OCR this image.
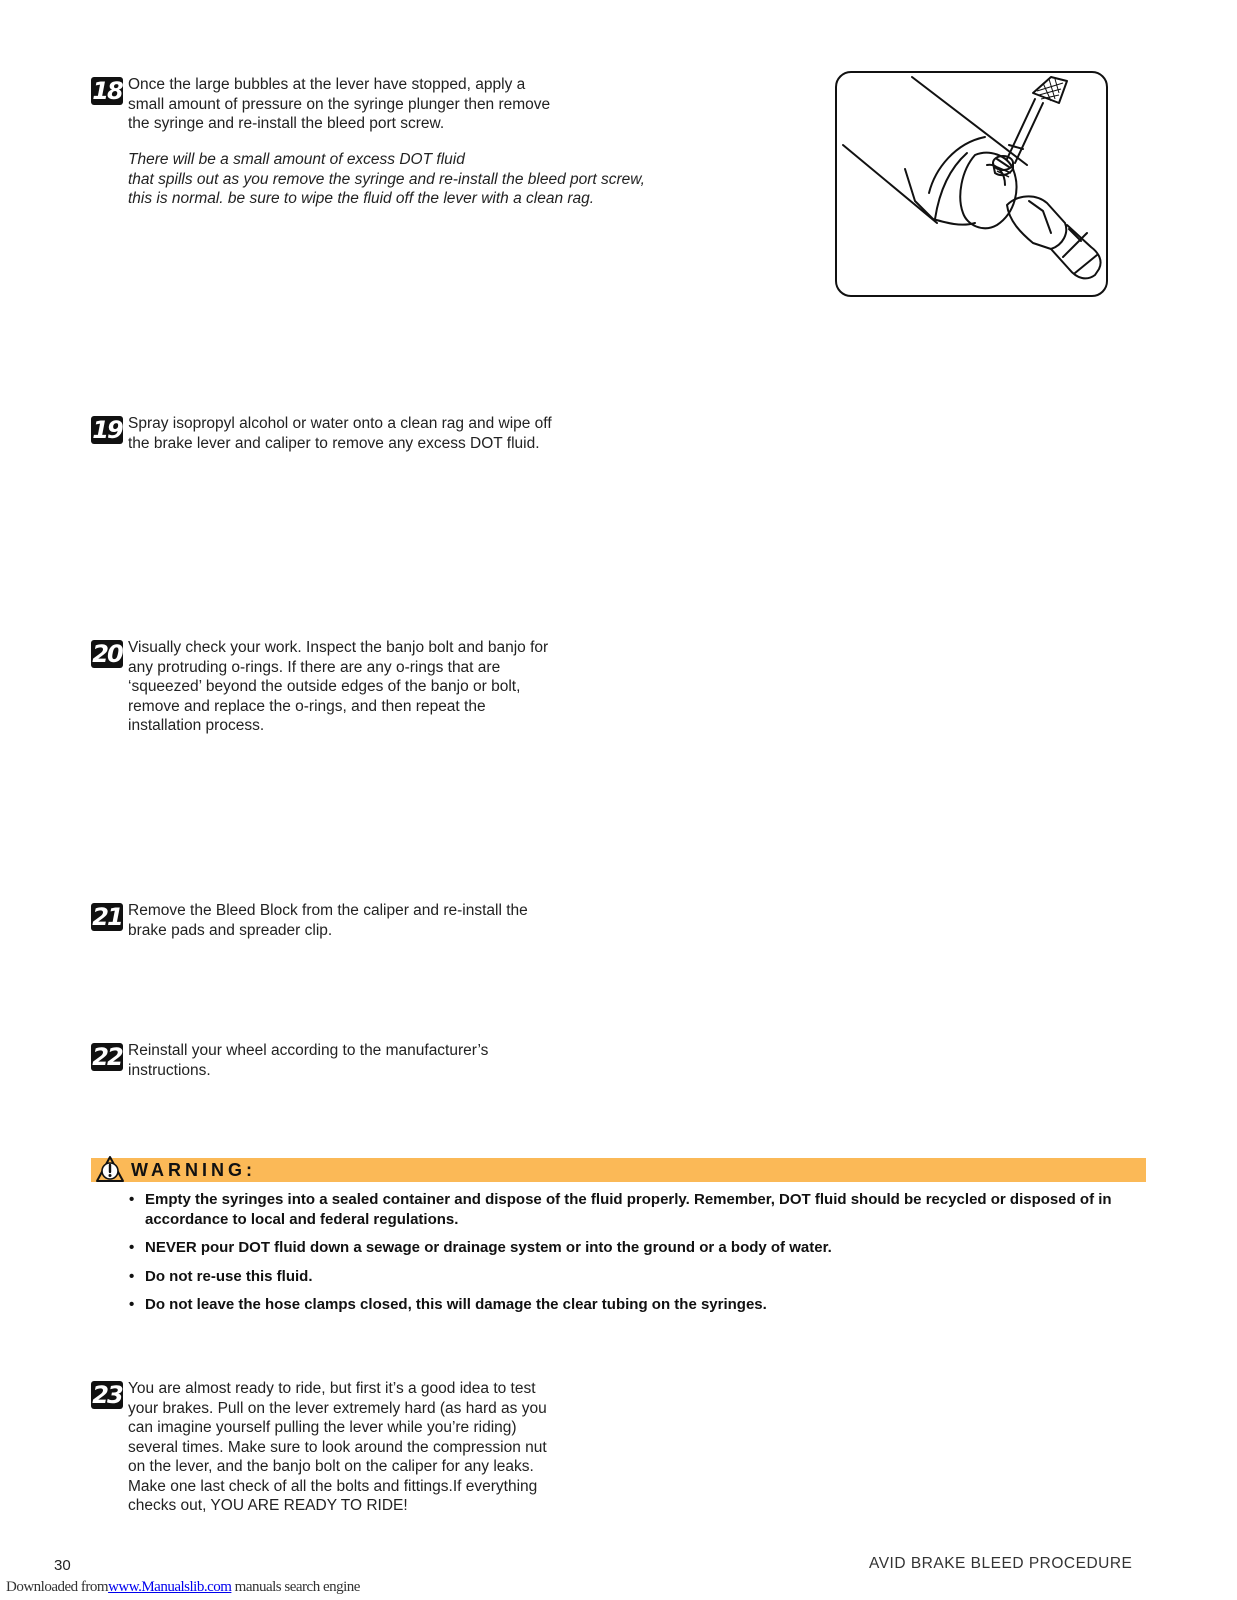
18 Once the large bubbles at the lever have stopped, apply a
small amount of pressure on the syringe plunger then remove
the syringe and re-install the bleed port screw.
There will be a small amount of excess DOT fluid
that spills out as you remove the syringe and re-install the bleed port screw,
this is normal. be sure to wipe the fluid off the lever with a clean rag.
19 Spray isopropyl alcohol or water onto a clean rag and wipe off
the brake lever and caliper to remove any excess DOT fluid.
20 Visually check your work. Inspect the banjo bolt and banjo for
any protruding o-rings. If there are any o-rings that are
‘squeezed’ beyond the outside edges of the banjo or bolt,
remove and replace the o-rings, and then repeat the
installation process.
21 Remove the Bleed Block from the caliper and re-install the
brake pads and spreader clip.
22 Reinstall your wheel according to the manufacturer’s
instructions.
WARNING:
• Empty the syringes into a sealed container and dispose of the fluid properly. Remember, DOT fluid should be recycled or disposed of in accordance to local and federal regulations.
• NEVER pour DOT fluid down a sewage or drainage system or into the ground or a body of water.
• Do not re-use this fluid.
• Do not leave the hose clamps closed, this will damage the clear tubing on the syringes.
23 You are almost ready to ride, but first it’s a good idea to test
your brakes. Pull on the lever extremely hard (as hard as you
can imagine yourself pulling the lever while you’re riding)
several times. Make sure to look around the compression nut
on the lever, and the banjo bolt on the caliper for any leaks.
Make one last check of all the bolts and fittings.If everything
checks out, YOU ARE READY TO RIDE!
30	AVID BRAKE BLEED PROCEDURE
Downloaded fromwww.Manualslib.com manuals search engine
